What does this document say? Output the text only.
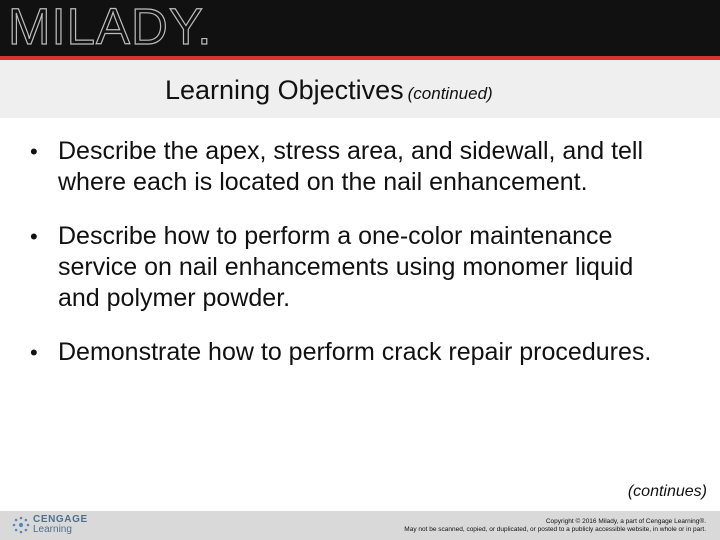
MILADY.
Learning Objectives (continued)

• Describe the apex, stress area, and sidewall, and tell where each is located on the nail enhancement.

• Describe how to perform a one-color maintenance service on nail enhancements using monomer liquid and polymer powder.

• Demonstrate how to perform crack repair procedures.

(continues)
CENGAGE
Learning
Copyright © 2016 Milady, a part of Cengage Learning®.
May not be scanned, copied, or duplicated, or posted to a publicly accessible website, in whole or in part.
